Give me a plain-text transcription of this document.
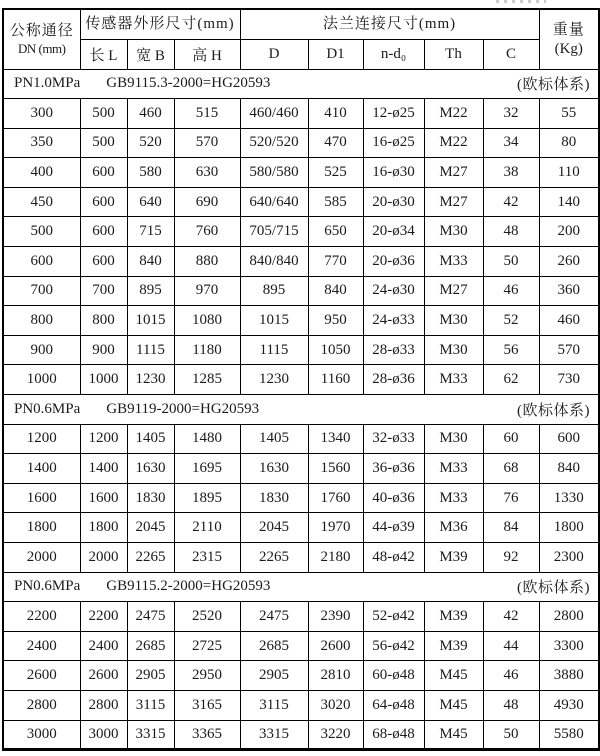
公称通径
DN (mm)
	传感器外形尺寸(mm)	法兰连接尺寸(mm)	重量
(Kg)

	长 L	宽 B	高 H	D	D1	n-d₀	Th	C	

PN1.0MPa GB9115.3-2000=HG20593 (欧标体系)									

300	500	460	515	460/460	410	12-ø25	M22	32	55
350	500	520	570	520/520	470	16-ø25	M22	34	80
400	600	580	630	580/580	525	16-ø30	M27	38	110
450	600	640	690	640/640	585	20-ø30	M27	42	140
500	600	715	760	705/715	650	20-ø34	M30	48	200
600	600	840	880	840/840	770	20-ø36	M33	50	260
700	700	895	970	895	840	24-ø30	M27	46	360
800	800	1015	1080	1015	950	24-ø33	M30	52	460
900	900	1115	1180	1115	1050	28-ø33	M30	56	570
1000	1000	1230	1285	1230	1160	28-ø36	M33	62	730

PN0.6MPa GB9119-2000=HG20593 (欧标体系)									

1200	1200	1405	1480	1405	1340	32-ø33	M30	60	600
1400	1400	1630	1695	1630	1560	36-ø36	M33	68	840
1600	1600	1830	1895	1830	1760	40-ø36	M33	76	1330
1800	1800	2045	2110	2045	1970	44-ø39	M36	84	1800
2000	2000	2265	2315	2265	2180	48-ø42	M39	92	2300

PN0.6MPa GB9115.2-2000=HG20593 (欧标体系)									

2200	2200	2475	2520	2475	2390	52-ø42	M39	42	2800
2400	2400	2685	2725	2685	2600	56-ø42	M39	44	3300
2600	2600	2905	2950	2905	2810	60-ø48	M45	46	3880
2800	2800	3115	3165	3115	3020	64-ø48	M45	48	4930
3000	3000	3315	3365	3315	3220	68-ø48	M45	50	5580
